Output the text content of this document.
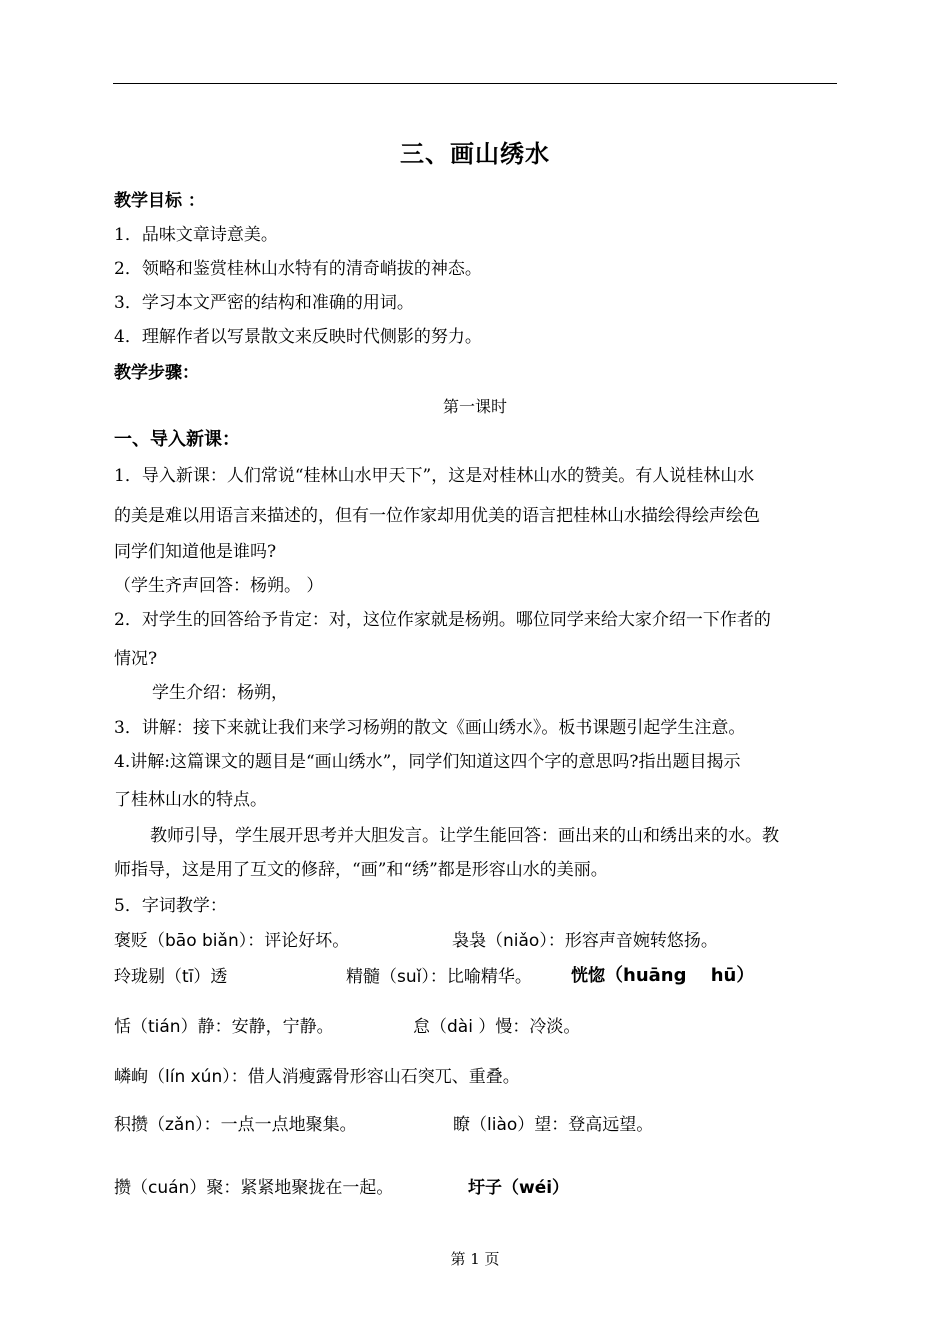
三、画山绣水
教学目标 ：
1．品味文章诗意美。
2．领略和鉴赏桂林山水特有的清奇峭拔的神态。
3．学习本文严密的结构和准确的用词。
4．理解作者以写景散文来反映时代侧影的努力。
教学步骤：
第一课时
一、导入新课：
1．导入新课：人们常说“桂林山水甲天下”，这是对桂林山水的赞美。有人说桂林山水
的美是难以用语言来描述的，但有一位作家却用优美的语言把桂林山水描绘得绘声绘色
同学们知道他是谁吗?
（学生齐声回答：杨朔。 ）
2．对学生的回答给予肯定：对，这位作家就是杨朔。哪位同学来给大家介绍一下作者的
情况?
学生介绍：杨朔，
3．讲解：接下来就让我们来学习杨朔的散文《画山绣水》。板书课题引起学生注意。
4.讲解:这篇课文的题目是“画山绣水”，同学们知道这四个字的意思吗?指出题目揭示
了桂林山水的特点。
教师引导，学生展开思考并大胆发言。让学生能回答：画出来的山和绣出来的水。教
师指导，这是用了互文的修辞，“画”和“绣”都是形容山水的美丽。
5．字词教学：
褒贬（bāo biǎn）：评论好坏。	袅袅（niǎo）：形容声音婉转悠扬。
玲珑剔（tī）透	精髓（suǐ）：比喻精华。 恍惚（huāng　 hū）
恬（tián）静：安静，宁静。	怠（dài ）慢：冷淡。
嶙峋（lín xún）：借人消瘦露骨形容山石突兀、重叠。
积攒（zǎn）：一点一点地聚集。	瞭（liào）望：登高远望。
攒（cuán）聚：紧紧地聚拢在一起。	圩子（wéi）
第 1 页
